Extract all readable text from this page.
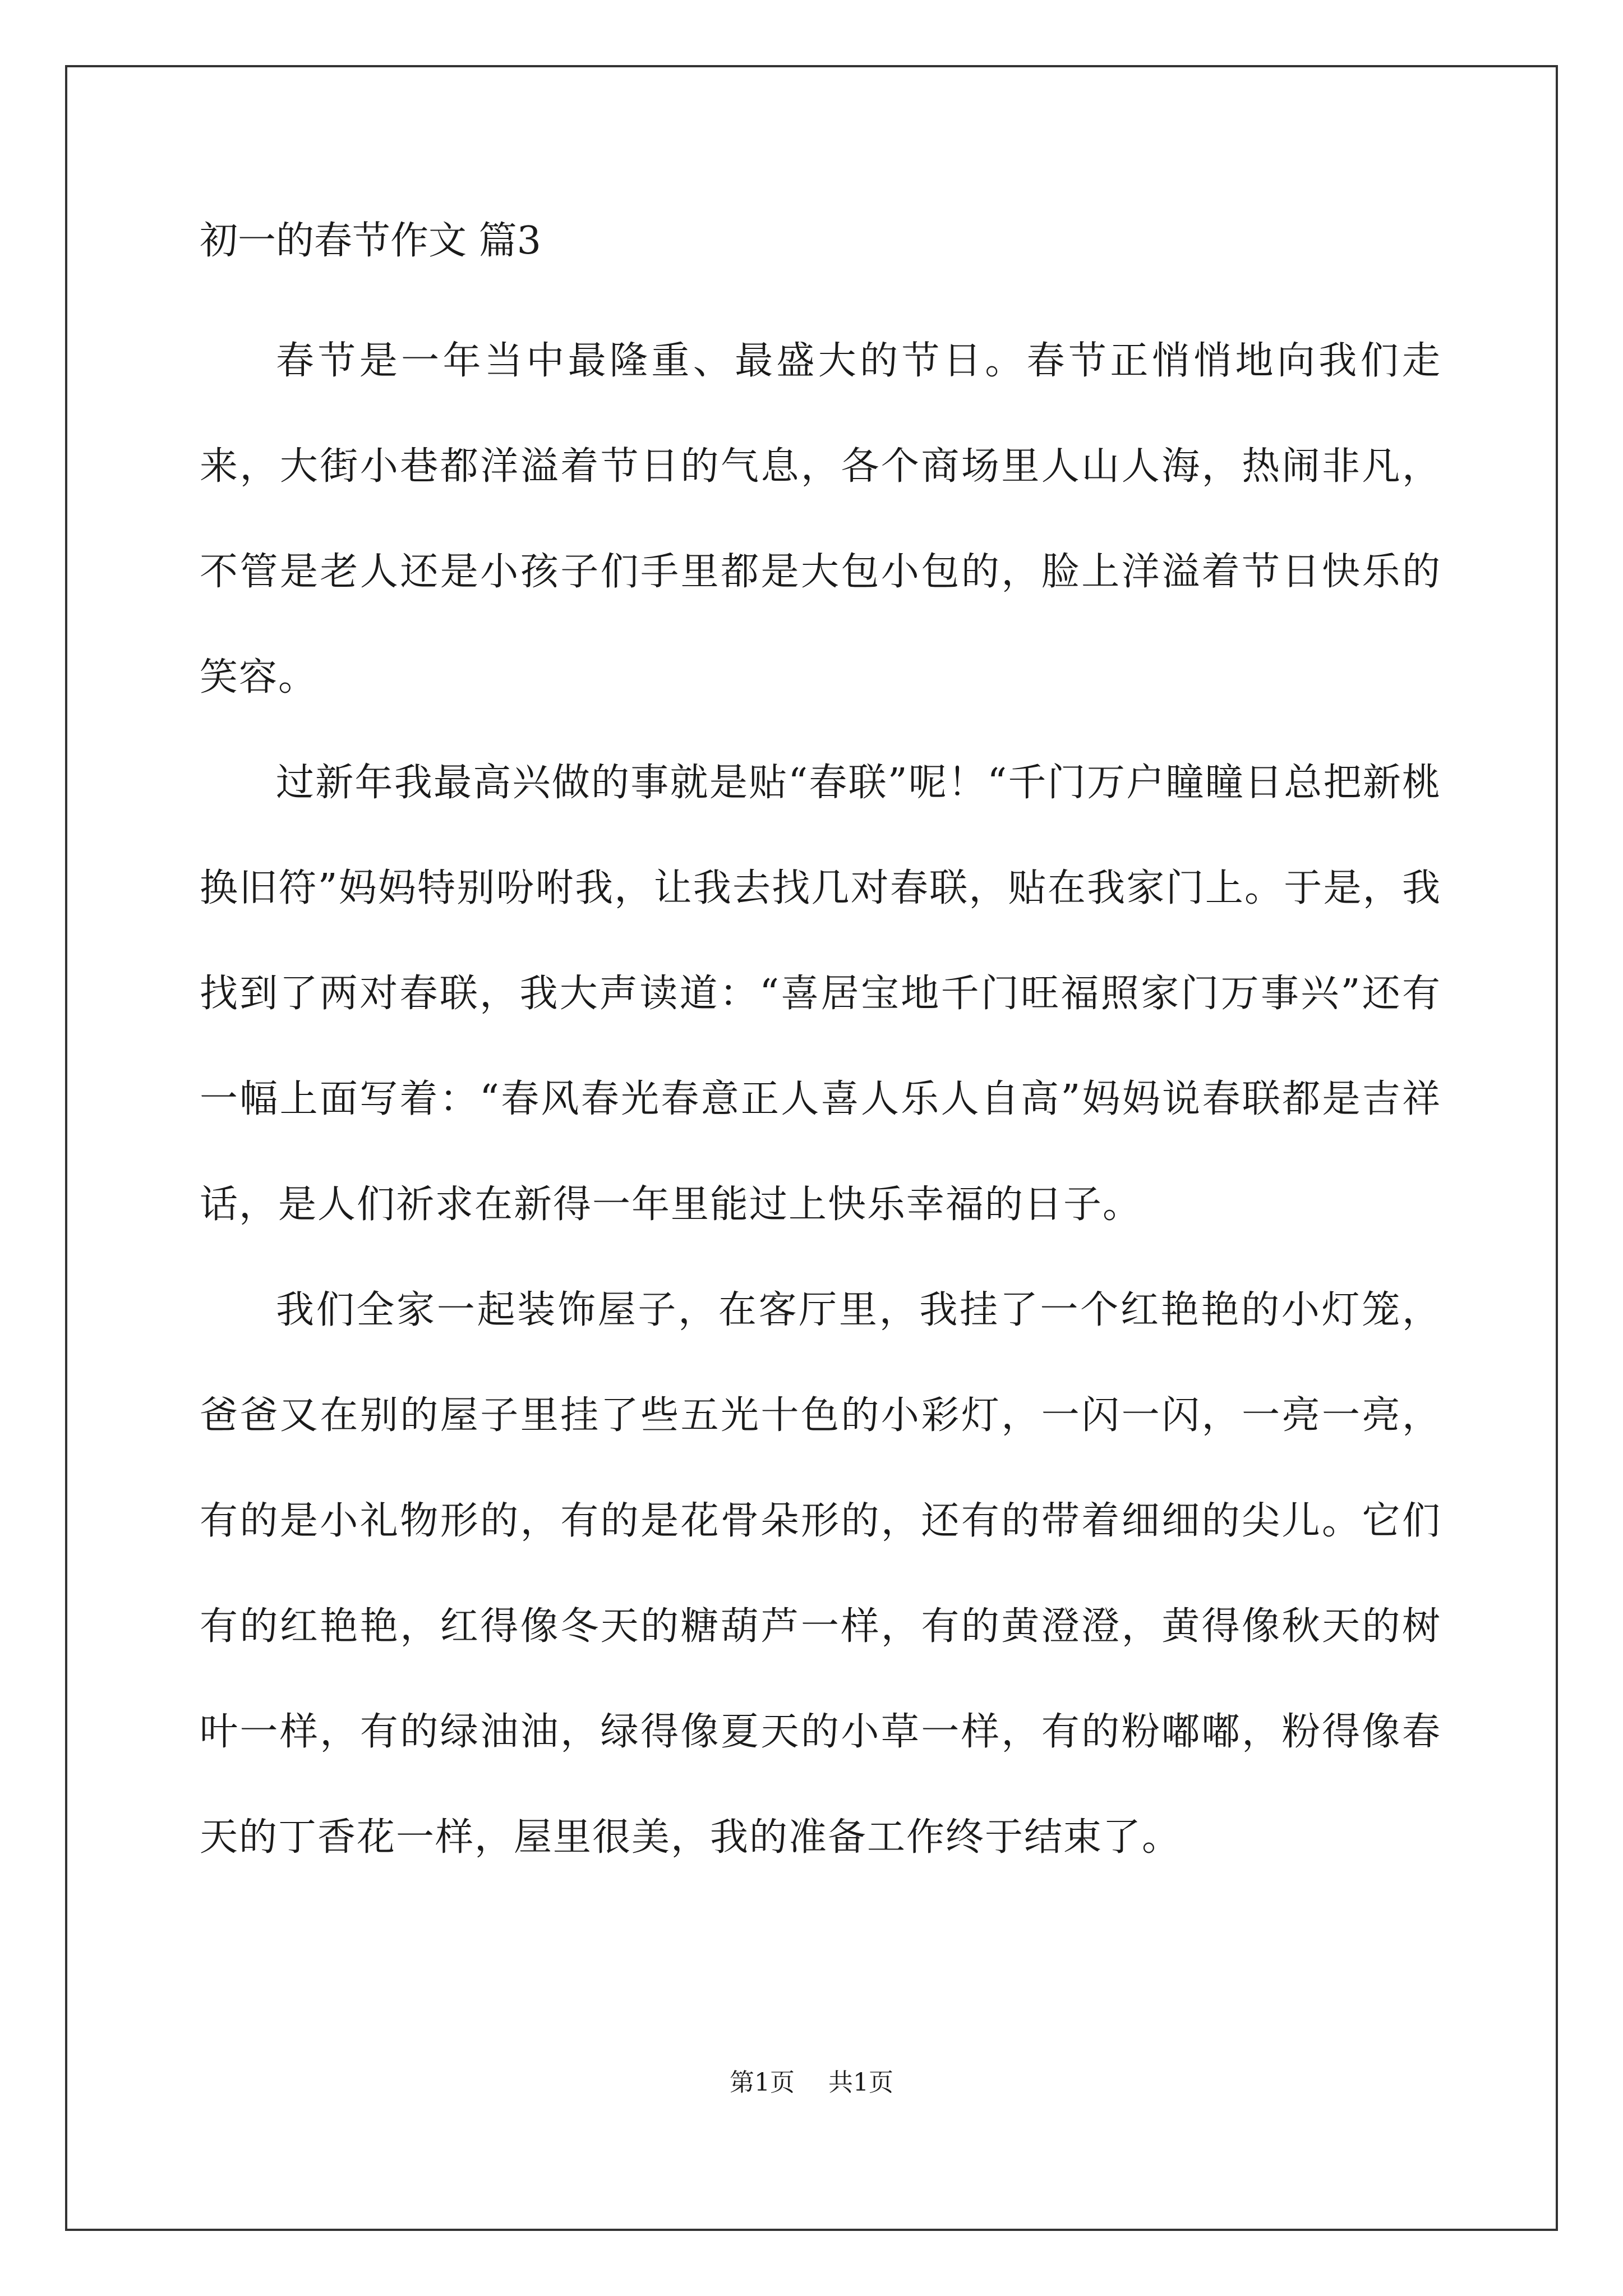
初一的春节作文 篇3

春节是一年当中最隆重、最盛大的节日。春节正悄悄地向我们走来，大街小巷都洋溢着节日的气息，各个商场里人山人海，热闹非凡，不管是老人还是小孩子们手里都是大包小包的，脸上洋溢着节日快乐的笑容。

过新年我最高兴做的事就是贴“春联”呢！“千门万户瞳瞳日总把新桃换旧符”妈妈特别吩咐我，让我去找几对春联，贴在我家门上。于是，我找到了两对春联，我大声读道：“喜居宝地千门旺福照家门万事兴”还有一幅上面写着：“春风春光春意正人喜人乐人自高”妈妈说春联都是吉祥话，是人们祈求在新得一年里能过上快乐幸福的日子。

我们全家一起装饰屋子，在客厅里，我挂了一个红艳艳的小灯笼，爸爸又在别的屋子里挂了些五光十色的小彩灯，一闪一闪，一亮一亮，有的是小礼物形的，有的是花骨朵形的，还有的带着细细的尖儿。它们有的红艳艳，红得像冬天的糖葫芦一样，有的黄澄澄，黄得像秋天的树叶一样，有的绿油油，绿得像夏天的小草一样，有的粉嘟嘟，粉得像春天的丁香花一样，屋里很美，我的准备工作终于结束了。

第1页 共1页
